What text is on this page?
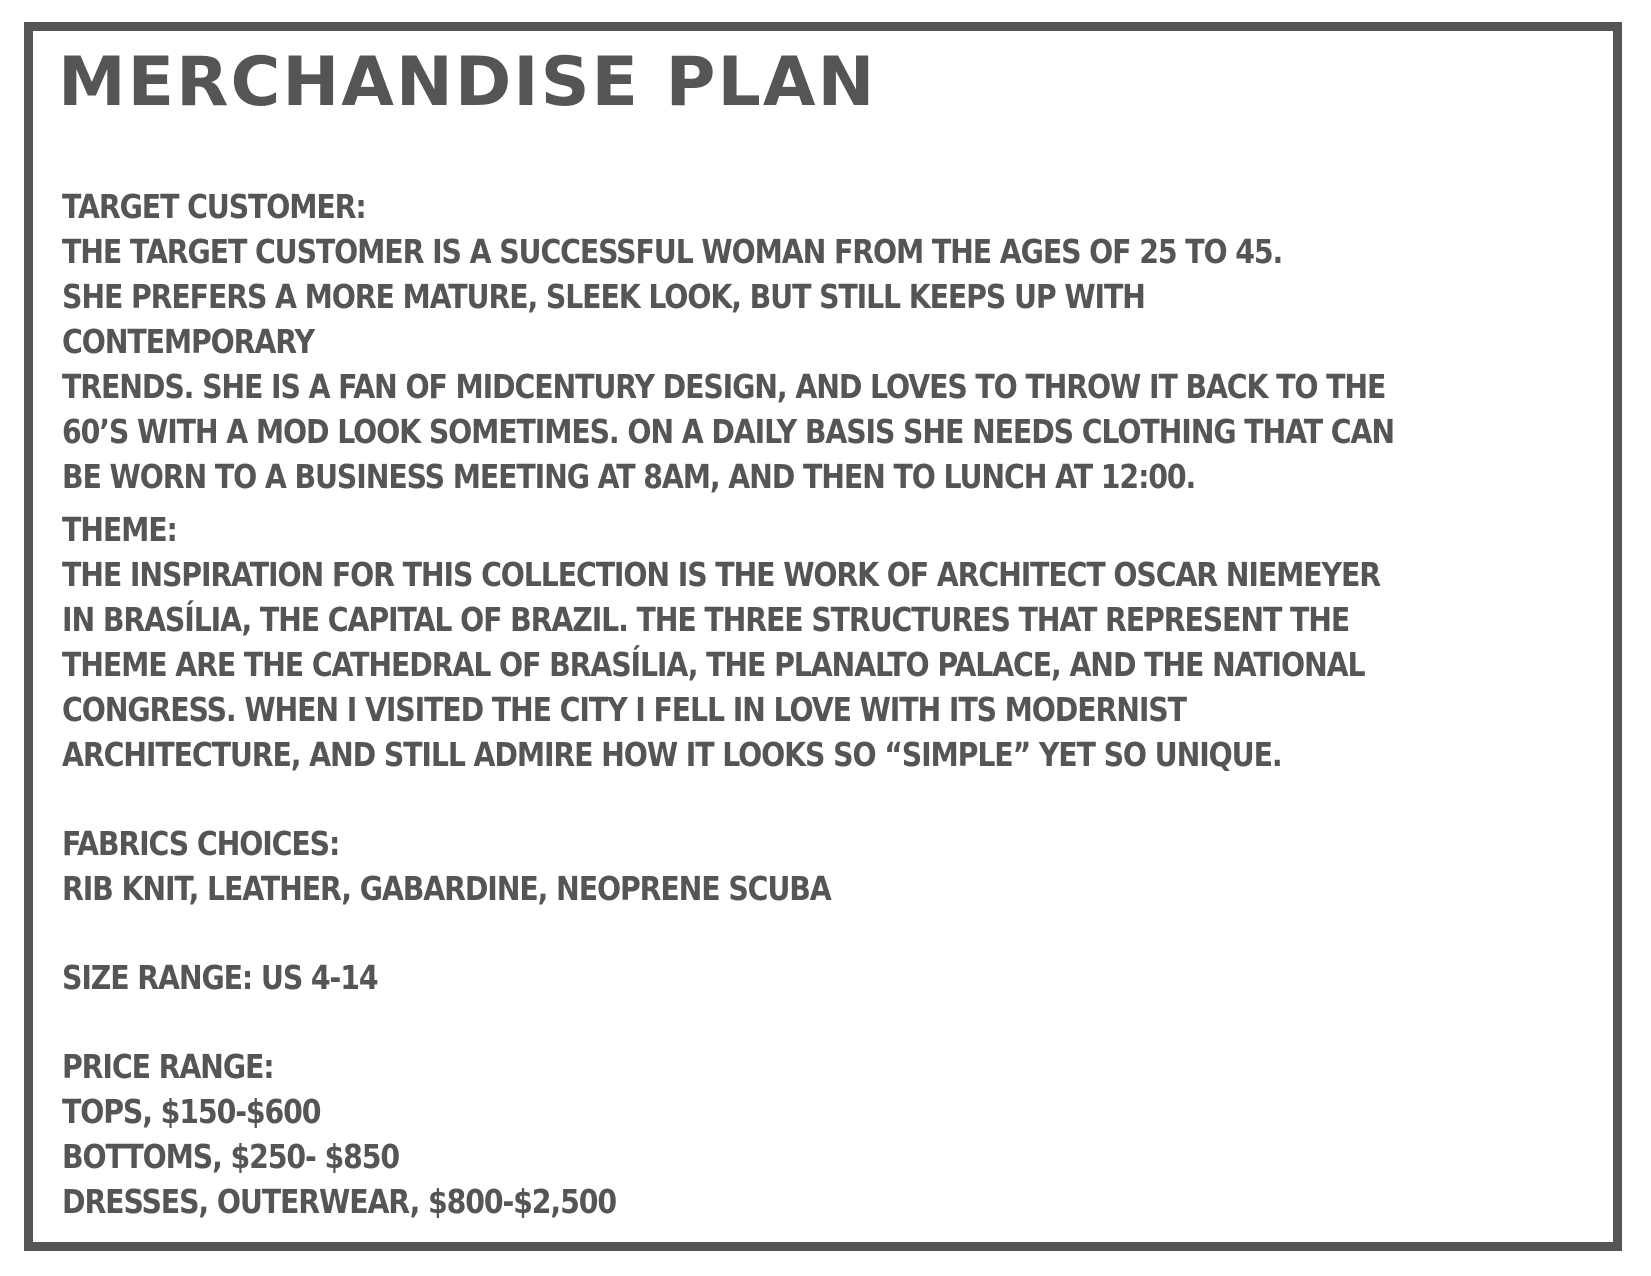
MERCHANDISE PLAN

TARGET CUSTOMER:

THE TARGET CUSTOMER IS A SUCCESSFUL WOMAN FROM THE AGES OF 25 TO 45.

SHE PREFERS A MORE MATURE, SLEEK LOOK, BUT STILL KEEPS UP WITH CONTEMPORARY

TRENDS. SHE IS A FAN OF MIDCENTURY DESIGN, AND LOVES TO THROW IT BACK TO THE

60’S WITH A MOD LOOK SOMETIMES. ON A DAILY BASIS SHE NEEDS CLOTHING THAT CAN

BE WORN TO A BUSINESS MEETING AT 8AM, AND THEN TO LUNCH AT 12:00.

THEME:

THE INSPIRATION FOR THIS COLLECTION IS THE WORK OF ARCHITECT OSCAR NIEMEYER

IN BRASÍLIA, THE CAPITAL OF BRAZIL. THE THREE STRUCTURES THAT REPRESENT THE

THEME ARE THE CATHEDRAL OF BRASÍLIA, THE PLANALTO PALACE, AND THE NATIONAL

CONGRESS. WHEN I VISITED THE CITY I FELL IN LOVE WITH ITS MODERNIST

ARCHITECTURE, AND STILL ADMIRE HOW IT LOOKS SO “SIMPLE” YET SO UNIQUE.

FABRICS CHOICES:

RIB KNIT, LEATHER, GABARDINE, NEOPRENE SCUBA

SIZE RANGE: US 4-14

PRICE RANGE:

TOPS, $150-$600

BOTTOMS, $250- $850

DRESSES, OUTERWEAR, $800-$2,500
